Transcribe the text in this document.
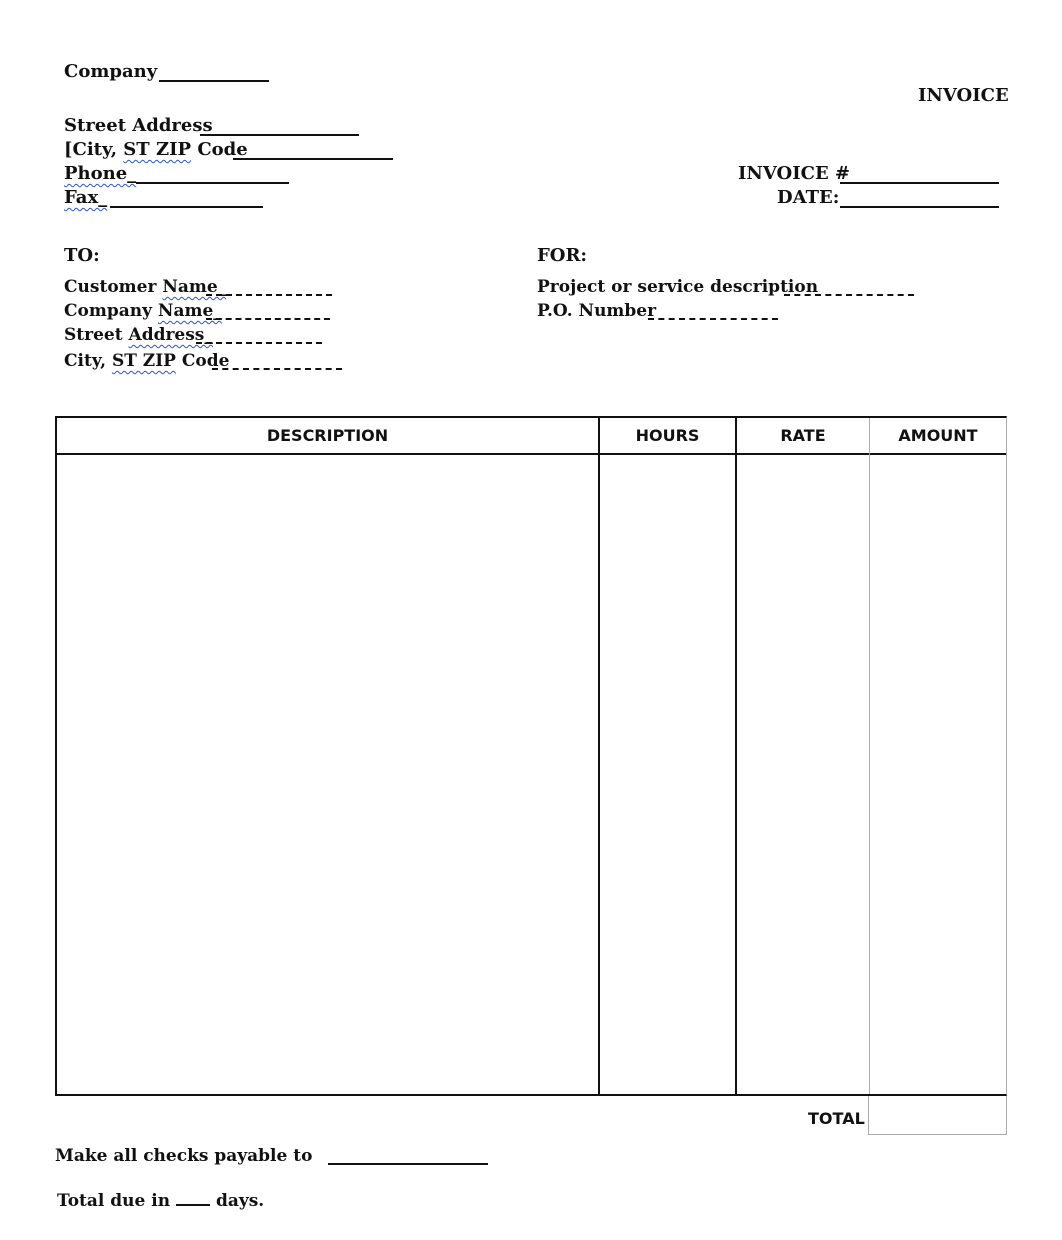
Company
INVOICE
Street Address
[City, ST ZIP Code
Phone_
Fax_
INVOICE #
DATE:
TO:
Customer Name_
Company Name_
Street Address_
City, ST ZIP Code
FOR:
Project or service description
P.O. Number
DESCRIPTION	HOURS	RATE	AMOUNT
TOTAL
Make all checks payable to
Total due in	days.
